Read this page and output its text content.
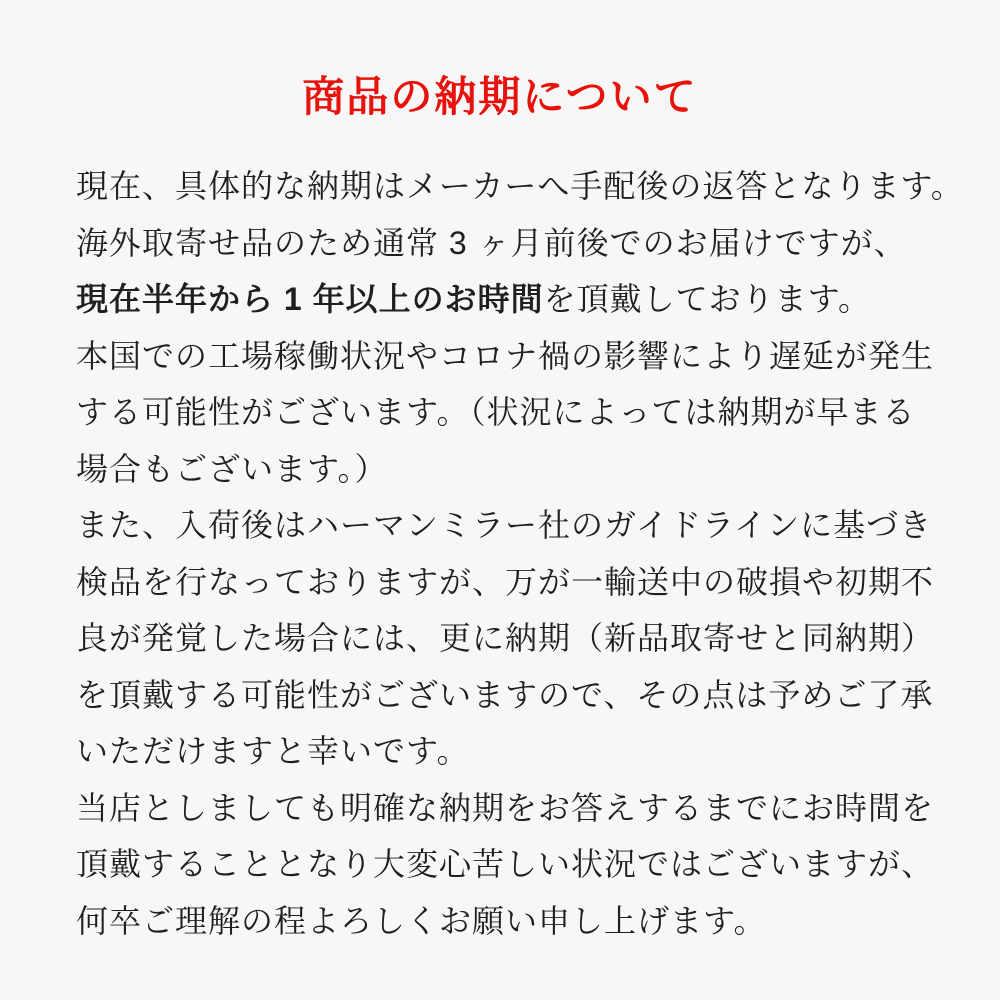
商品の納期について
現在、具体的な納期はメーカーへ手配後の返答となります。
海外取寄せ品のため通常 3 ヶ月前後でのお届けですが、
現在半年から 1 年以上のお時間を頂戴しております。
本国での工場稼働状況やコロナ禍の影響により遅延が発生
する可能性がございます。（状況によっては納期が早まる
場合もございます。）
また、入荷後はハーマンミラー社のガイドラインに基づき
検品を行なっておりますが、万が一輸送中の破損や初期不
良が発覚した場合には、更に納期（新品取寄せと同納期）
を頂戴する可能性がございますので、その点は予めご了承
いただけますと幸いです。
当店としましても明確な納期をお答えするまでにお時間を
頂戴することとなり大変心苦しい状況ではございますが、
何卒ご理解の程よろしくお願い申し上げます。
